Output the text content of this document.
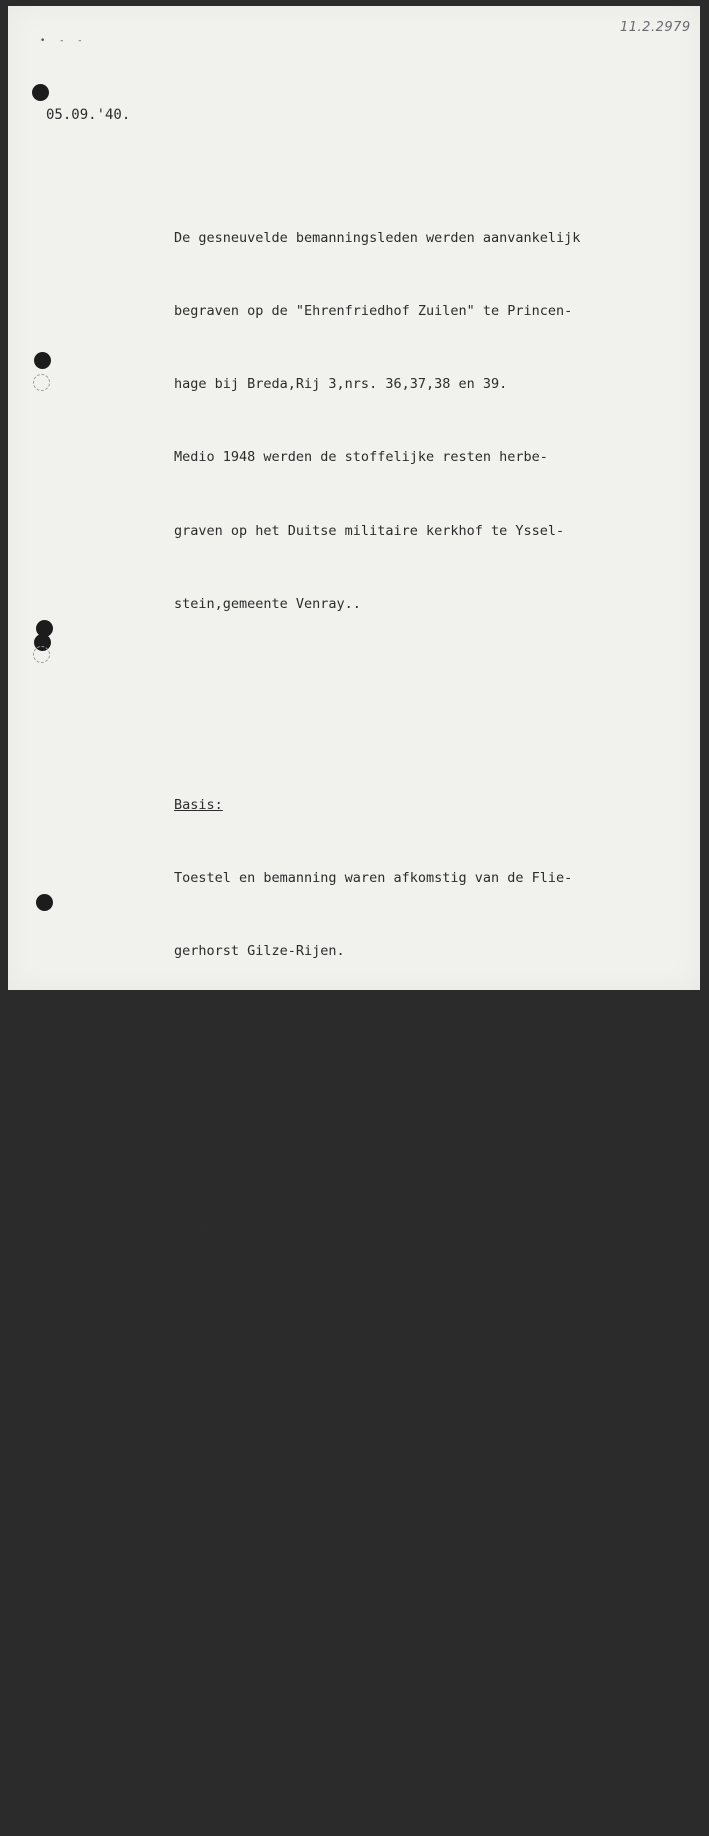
11.2.2979
• - -
05.09.'40.

De gesneuvelde bemanningsleden werden aanvankelijk

begraven op de "Ehrenfriedhof Zuilen" te Princen-

hage bij Breda,Rij 3,nrs. 36,37,38 en 39.

Medio 1948 werden de stoffelijke resten herbe-

graven op het Duitse militaire kerkhof te Yssel-

stein,gemeente Venray..

Basis:

Toestel en bemanning waren afkomstig van de Flie-

gerhorst Gilze-Rijen.

Doel: Liverpool.

De Heinkel maakte deel uit van een strijdmacht

van 200 vliegtuigen met als doel Liverpool.

Opmerking:

Bij dit vliegongeval kwamen,behoudens de vier

bemanningsleden,nog twee Duitse militairen en

acht burgers om het leven.
